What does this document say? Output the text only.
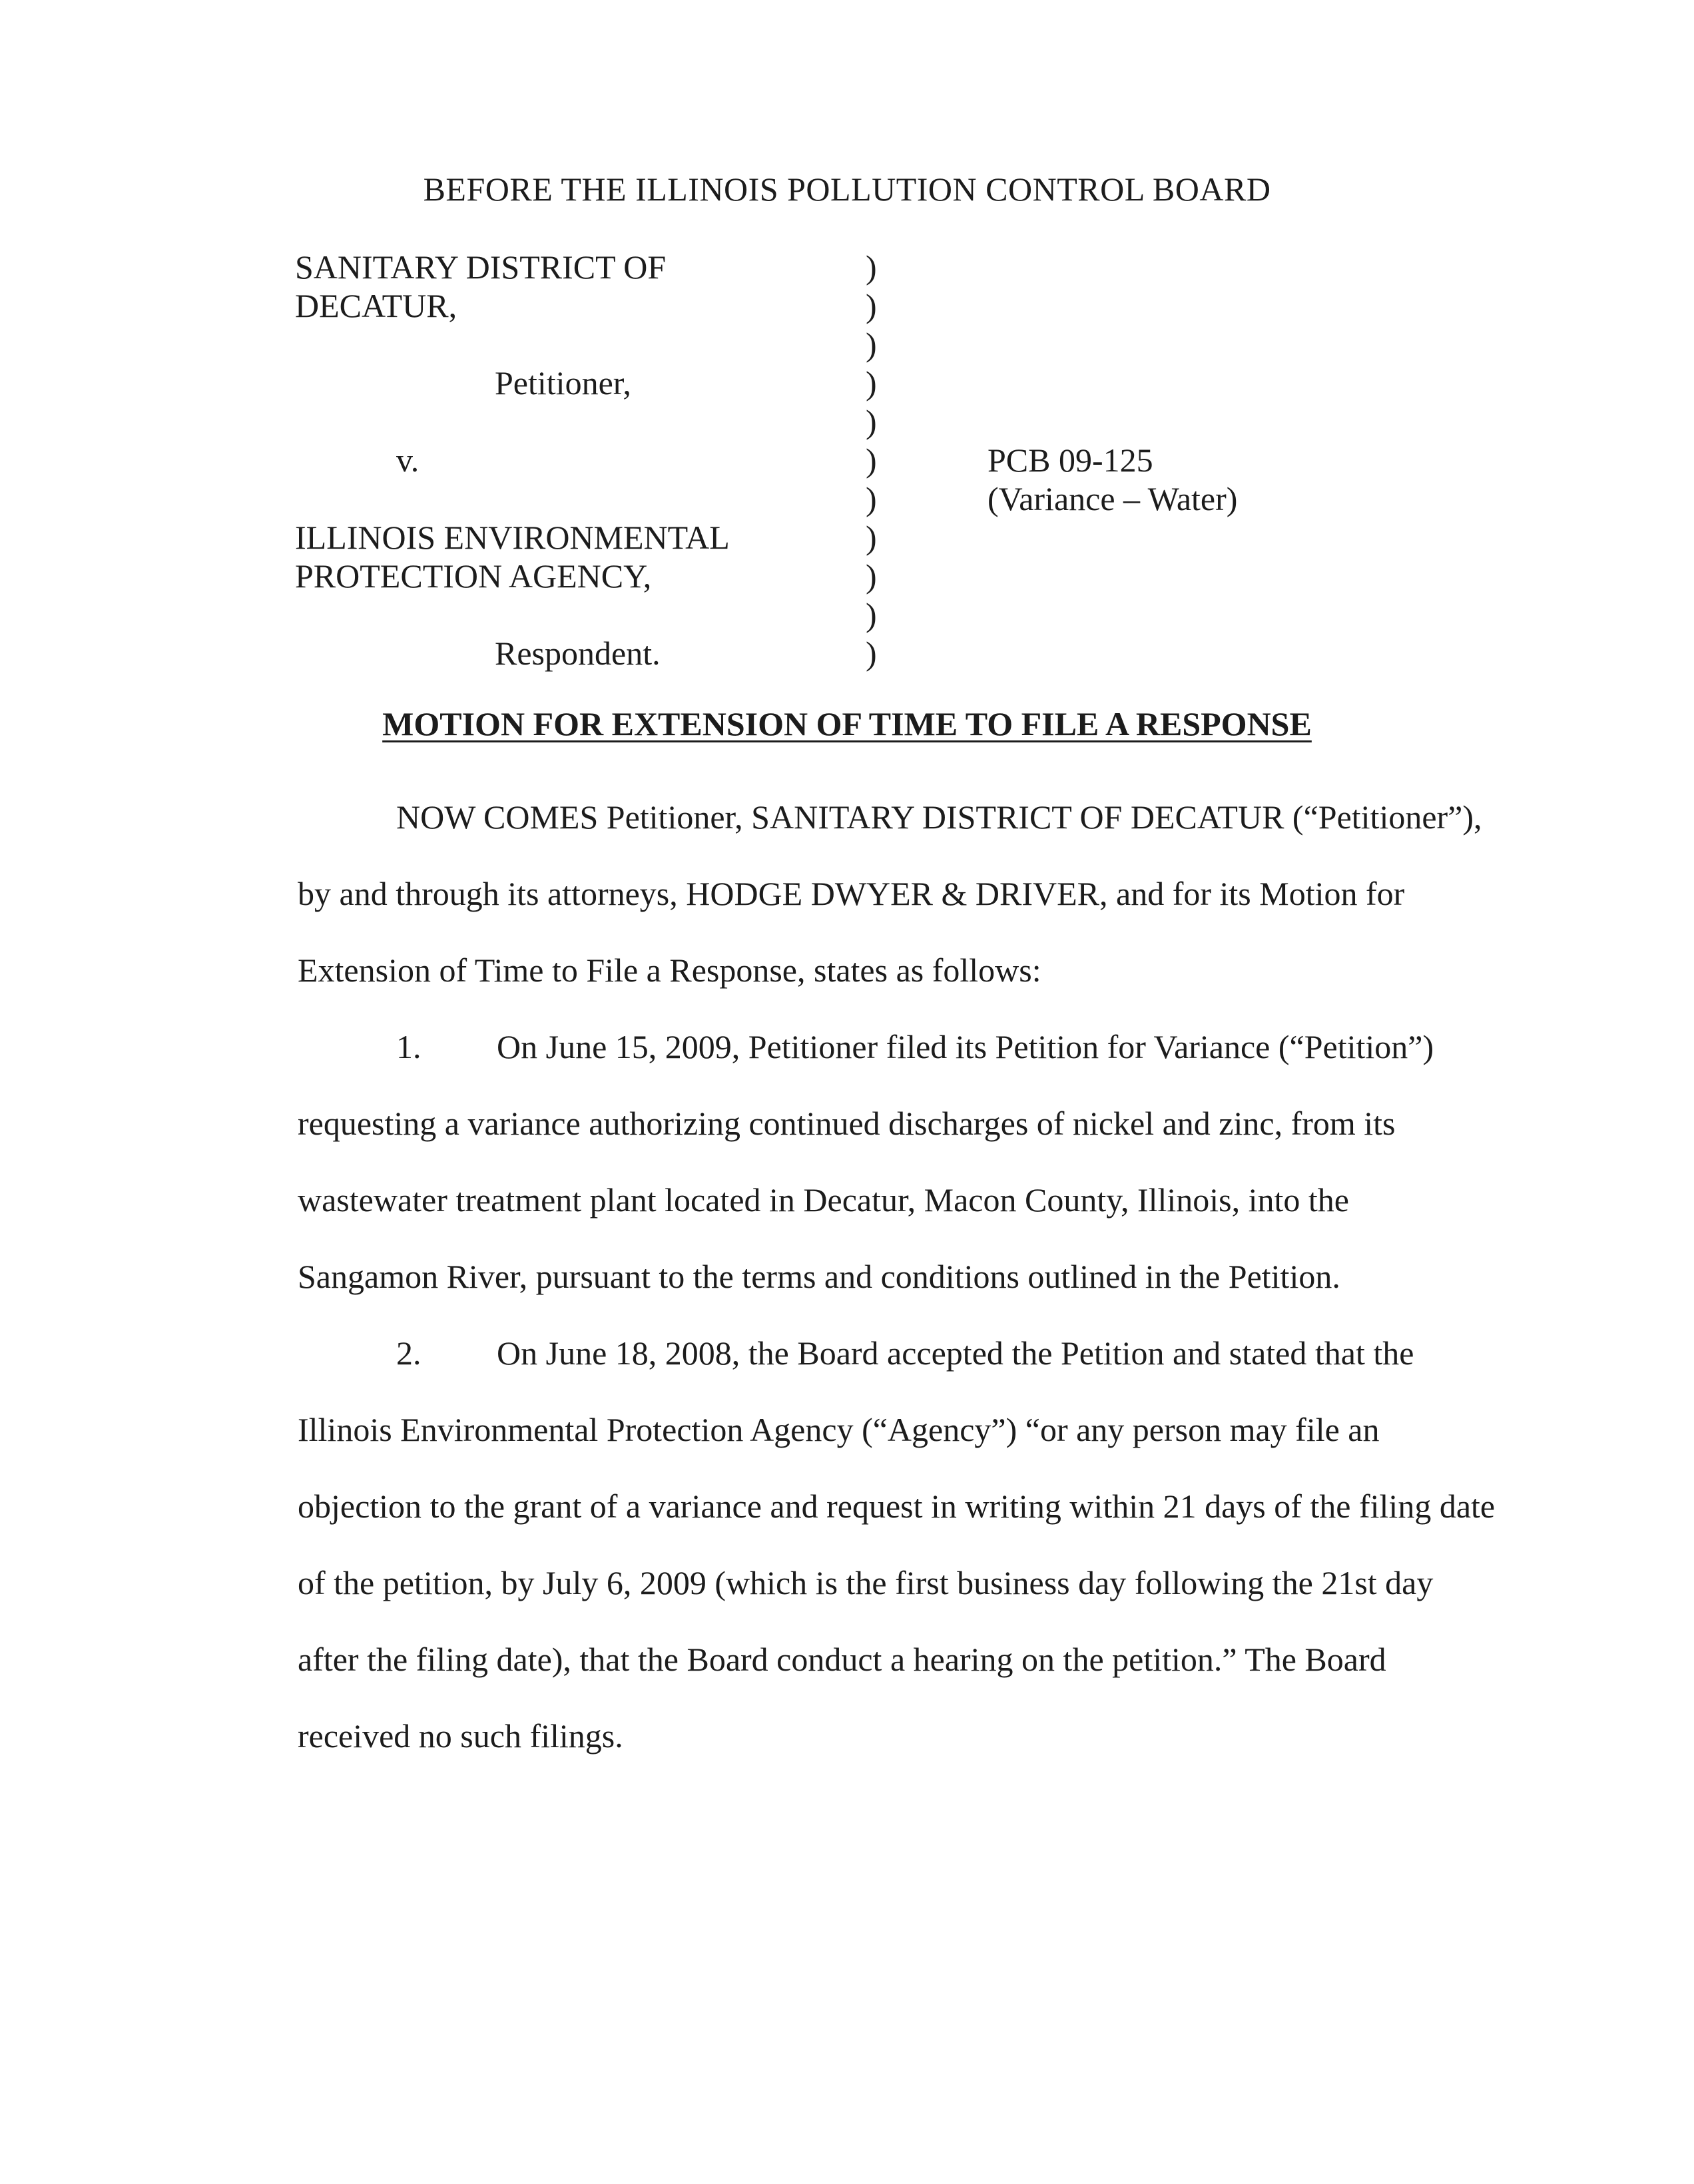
BEFORE THE ILLINOIS POLLUTION CONTROL BOARD
SANITARY DISTRICT OF
DECATUR,

Petitioner,

v.

ILLINOIS ENVIRONMENTAL
PROTECTION AGENCY,

Respondent.
)
)
)
)
)
)
)
)
)
)
)
PCB 09-125
(Variance – Water)
MOTION FOR EXTENSION OF TIME TO FILE A RESPONSE
NOW COMES Petitioner, SANITARY DISTRICT OF DECATUR (“Petitioner”),
by and through its attorneys, HODGE DWYER & DRIVER, and for its Motion for
Extension of Time to File a Response, states as follows:
1. On June 15, 2009, Petitioner filed its Petition for Variance (“Petition”)
requesting a variance authorizing continued discharges of nickel and zinc, from its
wastewater treatment plant located in Decatur, Macon County, Illinois, into the
Sangamon River, pursuant to the terms and conditions outlined in the Petition.
2. On June 18, 2008, the Board accepted the Petition and stated that the
Illinois Environmental Protection Agency (“Agency”) “or any person may file an
objection to the grant of a variance and request in writing within 21 days of the filing date
of the petition, by July 6, 2009 (which is the first business day following the 21st day
after the filing date), that the Board conduct a hearing on the petition.” The Board
received no such filings.
